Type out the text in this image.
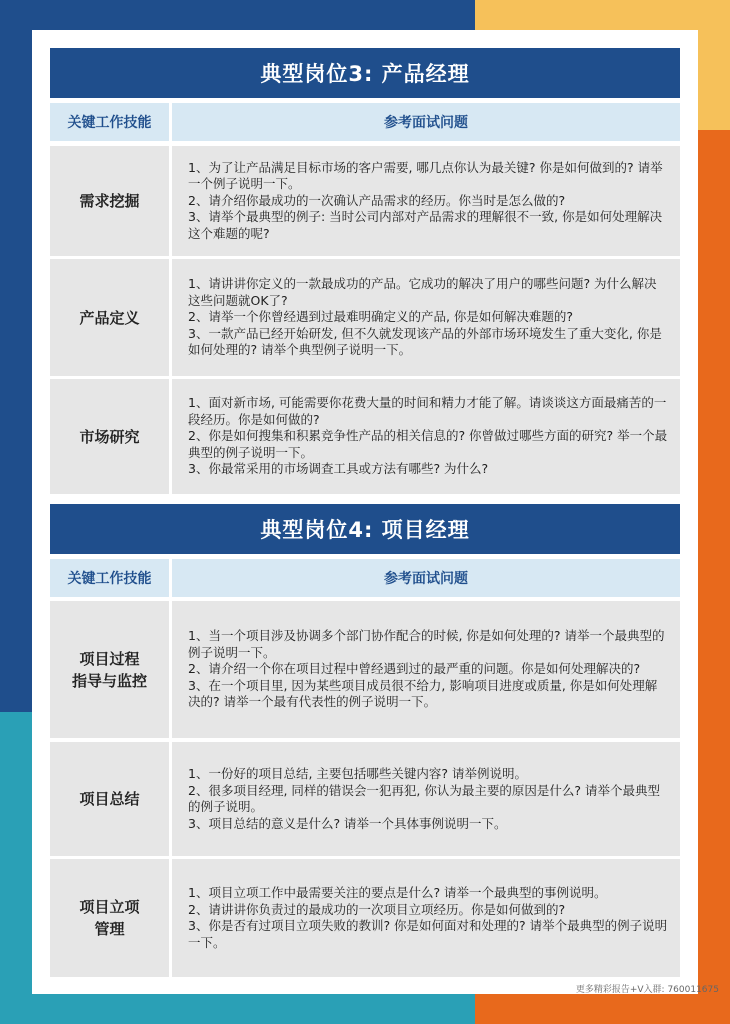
典型岗位3: 产品经理
关键工作技能	参考面试问题
需求挖掘
1、为了让产品满足目标市场的客户需要, 哪几点你认为最关键? 你是如何做到的? 请举一个例子说明一下。
2、请介绍你最成功的一次确认产品需求的经历。你当时是怎么做的?
3、请举个最典型的例子: 当时公司内部对产品需求的理解很不一致, 你是如何处理解决这个难题的呢?
产品定义
1、请讲讲你定义的一款最成功的产品。它成功的解决了用户的哪些问题? 为什么解决这些问题就OK了?
2、请举一个你曾经遇到过最难明确定义的产品, 你是如何解决难题的?
3、一款产品已经开始研发, 但不久就发现该产品的外部市场环境发生了重大变化, 你是如何处理的? 请举个典型例子说明一下。
市场研究
1、面对新市场, 可能需要你花费大量的时间和精力才能了解。请谈谈这方面最痛苦的一段经历。你是如何做的?
2、你是如何搜集和积累竞争性产品的相关信息的? 你曾做过哪些方面的研究? 举一个最典型的例子说明一下。
3、你最常采用的市场调查工具或方法有哪些? 为什么?
典型岗位4: 项目经理
关键工作技能	参考面试问题
项目过程
指导与监控
1、当一个项目涉及协调多个部门协作配合的时候, 你是如何处理的? 请举一个最典型的例子说明一下。
2、请介绍一个你在项目过程中曾经遇到过的最严重的问题。你是如何处理解决的?
3、在一个项目里, 因为某些项目成员很不给力, 影响项目进度或质量, 你是如何处理解决的? 请举一个最有代表性的例子说明一下。
项目总结
1、一份好的项目总结, 主要包括哪些关键内容? 请举例说明。
2、很多项目经理, 同样的错误会一犯再犯, 你认为最主要的原因是什么? 请举个最典型的例子说明。
3、项目总结的意义是什么? 请举一个具体事例说明一下。
项目立项
管理
1、项目立项工作中最需要关注的要点是什么? 请举一个最典型的事例说明。
2、请讲讲你负责过的最成功的一次项目立项经历。你是如何做到的?
3、你是否有过项目立项失败的教训? 你是如何面对和处理的? 请举个最典型的例子说明一下。
更多精彩报告+V入群: 760011675
